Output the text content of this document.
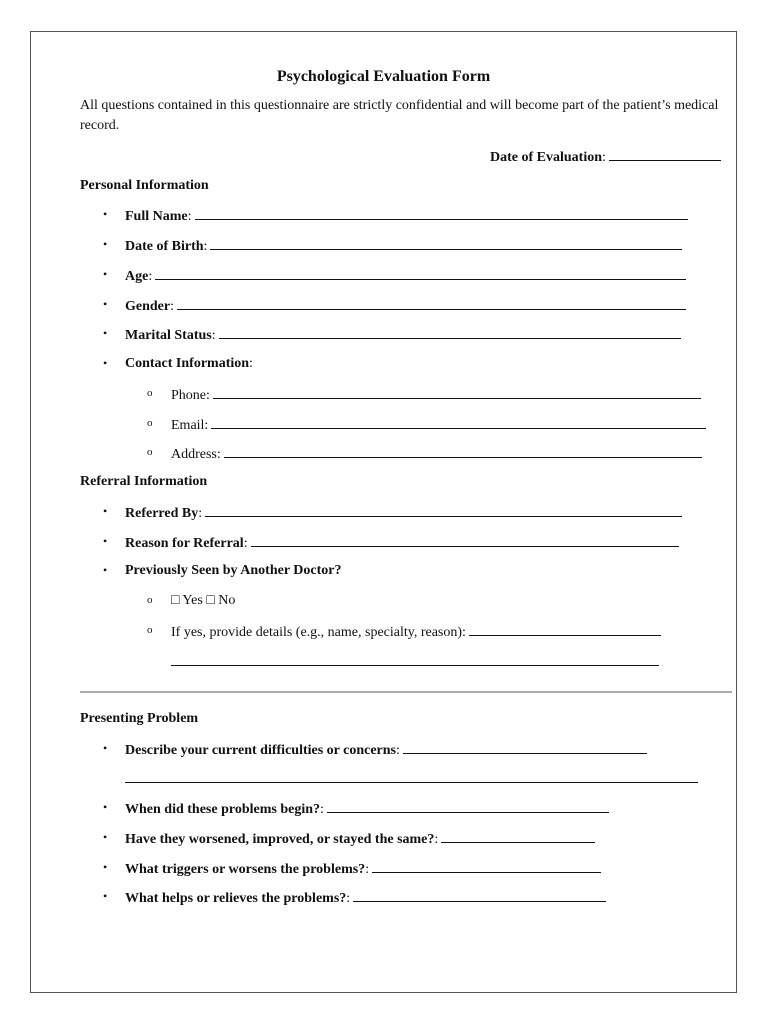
Psychological Evaluation Form
All questions contained in this questionnaire are strictly confidential and will become part of the patient’s medical record.
Date of Evaluation:
Personal Information
• Full Name:
• Date of Birth:
• Age:
• Gender:
• Marital Status:
• Contact Information:
o Phone:
o Email:
o Address:
Referral Information
• Referred By:
• Reason for Referral:
• Previously Seen by Another Doctor?
o □ Yes □ No
o If yes, provide details (e.g., name, specialty, reason):
Presenting Problem
• Describe your current difficulties or concerns:
• When did these problems begin?:
• Have they worsened, improved, or stayed the same?:
• What triggers or worsens the problems?:
• What helps or relieves the problems?:
